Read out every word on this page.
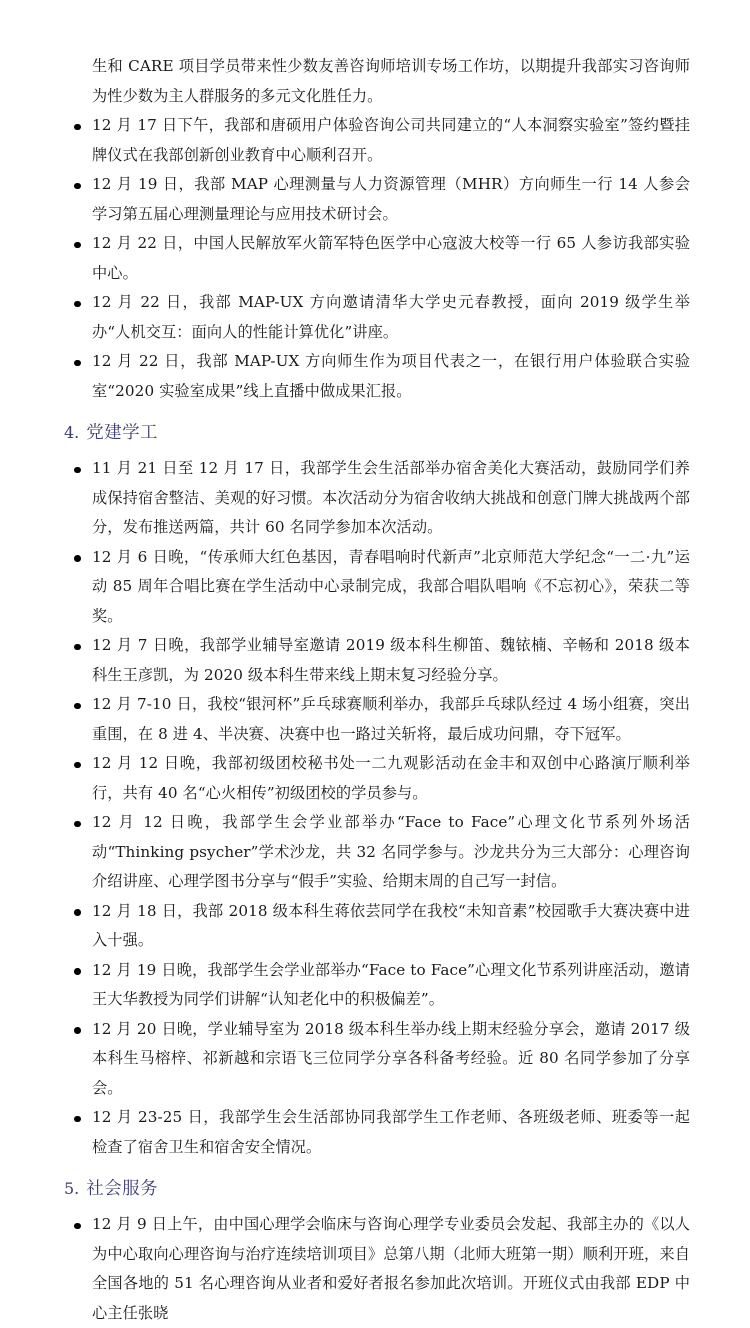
生和 CARE 项目学员带来性少数友善咨询师培训专场工作坊，以期提升我部实习咨询师为性少数为主人群服务的多元文化胜任力。

12 月 17 日下午，我部和唐硕用户体验咨询公司共同建立的“人本洞察实验室”签约暨挂牌仪式在我部创新创业教育中心顺利召开。
12 月 19 日，我部 MAP 心理测量与人力资源管理（MHR）方向师生一行 14 人参会学习第五届心理测量理论与应用技术研讨会。
12 月 22 日，中国人民解放军火箭军特色医学中心寇波大校等一行 65 人参访我部实验中心。
12 月 22 日，我部 MAP-UX 方向邀请清华大学史元春教授，面向 2019 级学生举办“人机交互：面向人的性能计算优化”讲座。
12 月 22 日，我部 MAP-UX 方向师生作为项目代表之一，在银行用户体验联合实验室“2020 实验室成果”线上直播中做成果汇报。
4. 党建学工
11 月 21 日至 12 月 17 日，我部学生会生活部举办宿舍美化大赛活动，鼓励同学们养成保持宿舍整洁、美观的好习惯。本次活动分为宿舍收纳大挑战和创意门牌大挑战两个部分，发布推送两篇，共计 60 名同学参加本次活动。
12 月 6 日晚，“传承师大红色基因，青春唱响时代新声”北京师范大学纪念“一二·九”运动 85 周年合唱比赛在学生活动中心录制完成，我部合唱队唱响《不忘初心》，荣获二等奖。
12 月 7 日晚，我部学业辅导室邀请 2019 级本科生柳笛、魏铱楠、辛畅和 2018 级本科生王彦凯，为 2020 级本科生带来线上期末复习经验分享。
12 月 7-10 日，我校“银河杯”乒乓球赛顺利举办，我部乒乓球队经过 4 场小组赛，突出重围，在 8 进 4、半决赛、决赛中也一路过关斩将，最后成功问鼎，夺下冠军。
12 月 12 日晚，我部初级团校秘书处一二九观影活动在金丰和双创中心路演厅顺利举行，共有 40 名“心火相传”初级团校的学员参与。
12 月 12 日晚，我部学生会学业部举办“Face to Face”心理文化节系列外场活动“Thinking psycher”学术沙龙，共 32 名同学参与。沙龙共分为三大部分：心理咨询介绍讲座、心理学图书分享与“假手”实验、给期末周的自己写一封信。
12 月 18 日，我部 2018 级本科生蒋依芸同学在我校“未知音素”校园歌手大赛决赛中进入十强。
12 月 19 日晚，我部学生会学业部举办“Face to Face”心理文化节系列讲座活动，邀请王大华教授为同学们讲解“认知老化中的积极偏差”。
12 月 20 日晚，学业辅导室为 2018 级本科生举办线上期末经验分享会，邀请 2017 级本科生马榕梓、祁新越和宗语飞三位同学分享各科备考经验。近 80 名同学参加了分享会。
12 月 23-25 日，我部学生会生活部协同我部学生工作老师、各班级老师、班委等一起检查了宿舍卫生和宿舍安全情况。
5. 社会服务
12 月 9 日上午，由中国心理学会临床与咨询心理学专业委员会发起、我部主办的《以人为中心取向心理咨询与治疗连续培训项目》总第八期（北师大班第一期）顺利开班，来自全国各地的 51 名心理咨询从业者和爱好者报名参加此次培训。开班仪式由我部 EDP 中心主任张晓
